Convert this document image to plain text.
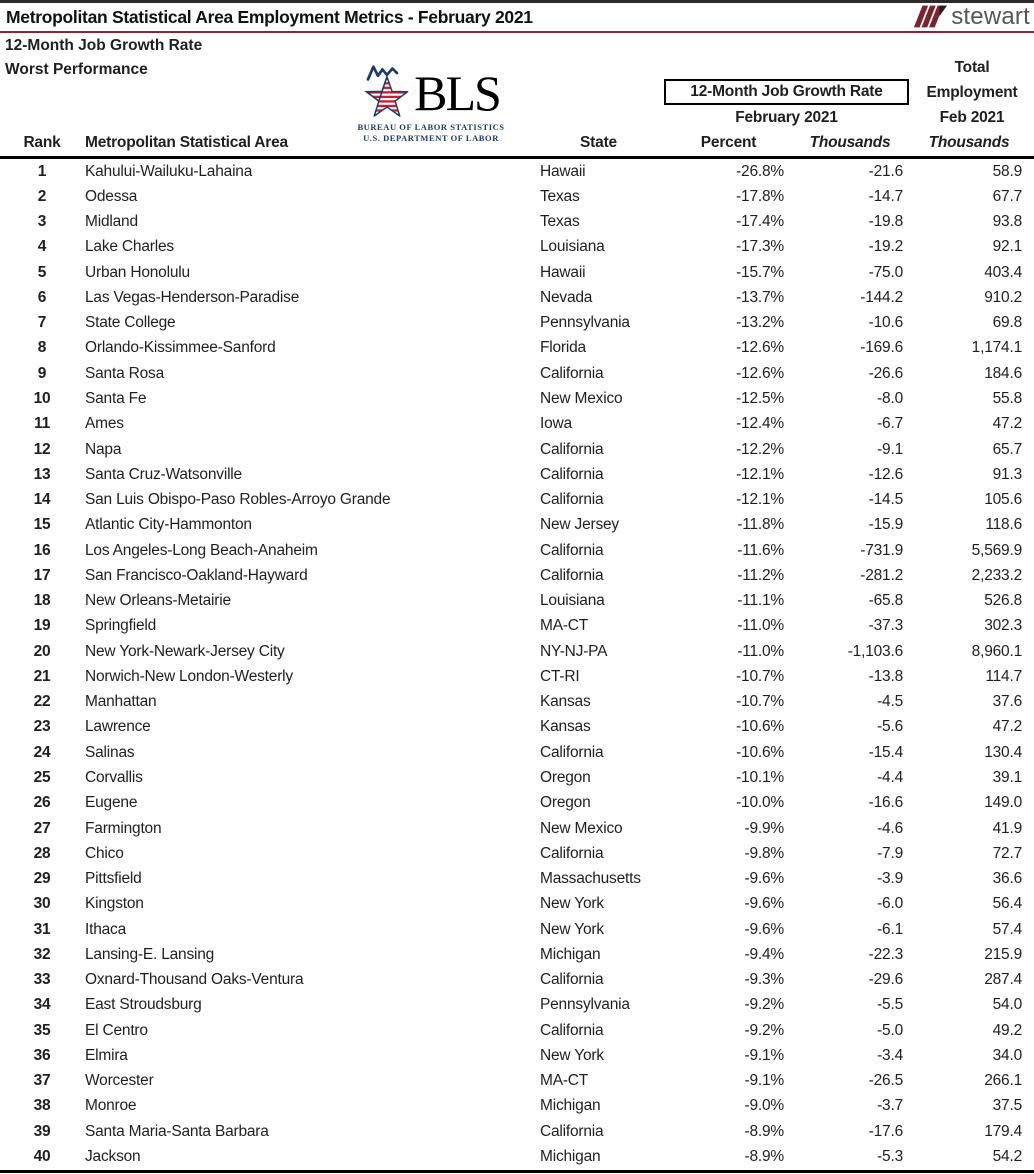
Metropolitan Statistical Area Employment Metrics - February 2021	stewart
12-Month Job Growth Rate
Worst Performance	BLS
BUREAU OF LABOR STATISTICS
U.S. DEPARTMENT OF LABOR
Total
12-Month Job Growth Rate	Employment
February 2021	Feb 2021
Rank	Metropolitan Statistical Area	State	Percent	Thousands	Thousands
1	Kahului-Wailuku-Lahaina	Hawaii	-26.8%	-21.6	58.9
2	Odessa	Texas	-17.8%	-14.7	67.7
3	Midland	Texas	-17.4%	-19.8	93.8
4	Lake Charles	Louisiana	-17.3%	-19.2	92.1
5	Urban Honolulu	Hawaii	-15.7%	-75.0	403.4
6	Las Vegas-Henderson-Paradise	Nevada	-13.7%	-144.2	910.2
7	State College	Pennsylvania	-13.2%	-10.6	69.8
8	Orlando-Kissimmee-Sanford	Florida	-12.6%	-169.6	1,174.1
9	Santa Rosa	California	-12.6%	-26.6	184.6
10	Santa Fe	New Mexico	-12.5%	-8.0	55.8
11	Ames	Iowa	-12.4%	-6.7	47.2
12	Napa	California	-12.2%	-9.1	65.7
13	Santa Cruz-Watsonville	California	-12.1%	-12.6	91.3
14	San Luis Obispo-Paso Robles-Arroyo Grande	California	-12.1%	-14.5	105.6
15	Atlantic City-Hammonton	New Jersey	-11.8%	-15.9	118.6
16	Los Angeles-Long Beach-Anaheim	California	-11.6%	-731.9	5,569.9
17	San Francisco-Oakland-Hayward	California	-11.2%	-281.2	2,233.2
18	New Orleans-Metairie	Louisiana	-11.1%	-65.8	526.8
19	Springfield	MA-CT	-11.0%	-37.3	302.3
20	New York-Newark-Jersey City	NY-NJ-PA	-11.0%	-1,103.6	8,960.1
21	Norwich-New London-Westerly	CT-RI	-10.7%	-13.8	114.7
22	Manhattan	Kansas	-10.7%	-4.5	37.6
23	Lawrence	Kansas	-10.6%	-5.6	47.2
24	Salinas	California	-10.6%	-15.4	130.4
25	Corvallis	Oregon	-10.1%	-4.4	39.1
26	Eugene	Oregon	-10.0%	-16.6	149.0
27	Farmington	New Mexico	-9.9%	-4.6	41.9
28	Chico	California	-9.8%	-7.9	72.7
29	Pittsfield	Massachusetts	-9.6%	-3.9	36.6
30	Kingston	New York	-9.6%	-6.0	56.4
31	Ithaca	New York	-9.6%	-6.1	57.4
32	Lansing-E. Lansing	Michigan	-9.4%	-22.3	215.9
33	Oxnard-Thousand Oaks-Ventura	California	-9.3%	-29.6	287.4
34	East Stroudsburg	Pennsylvania	-9.2%	-5.5	54.0
35	El Centro	California	-9.2%	-5.0	49.2
36	Elmira	New York	-9.1%	-3.4	34.0
37	Worcester	MA-CT	-9.1%	-26.5	266.1
38	Monroe	Michigan	-9.0%	-3.7	37.5
39	Santa Maria-Santa Barbara	California	-8.9%	-17.6	179.4
40	Jackson	Michigan	-8.9%	-5.3	54.2
